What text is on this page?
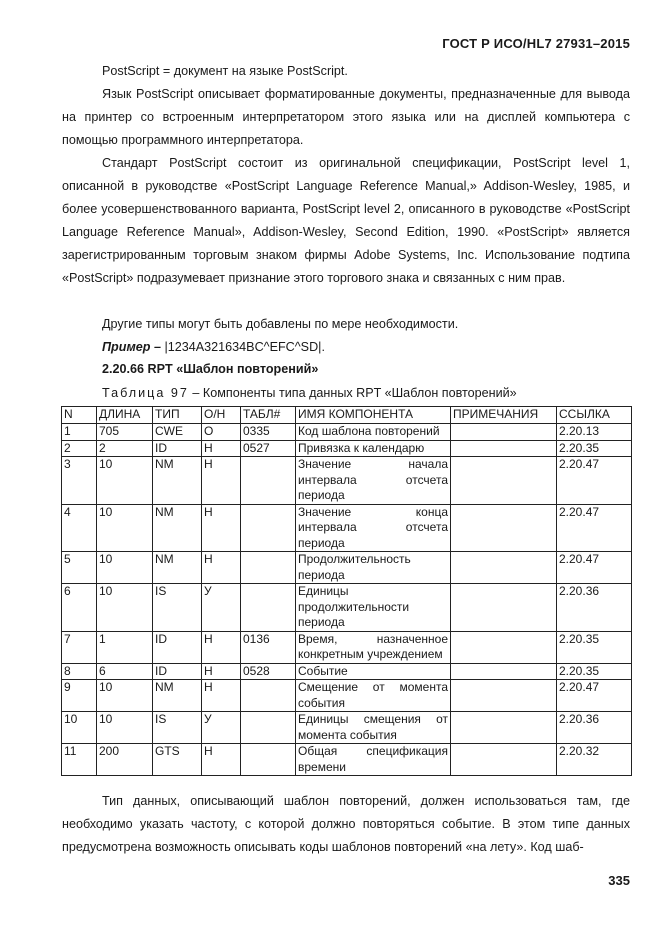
ГОСТ Р ИСО/HL7 27931–2015
PostScript = документ на языке PostScript.
Язык PostScript описывает форматированные документы, предназначенные для вывода на принтер со встроенным интерпретатором этого языка или на дисплей компьютера с помощью программного интерпретатора.
Стандарт PostScript состоит из оригинальной спецификации, PostScript level 1, описанной в руководстве «PostScript Language Reference Manual,» Addison-Wesley, 1985, и более усовершенствованного варианта, PostScript level 2, описанного в руководстве «PostScript Language Reference Manual», Addison-Wesley, Second Edition, 1990. «PostScript» является зарегистрированным торговым знаком фирмы Adobe Systems, Inc. Использование подтипа «PostScript» подразумевает признание этого торгового знака и связанных с ним прав.
Другие типы могут быть добавлены по мере необходимости.
Пример – |1234A321634BC^EFC^SD|.
2.20.66 RPT «Шаблон повторений»
Таблица 97 – Компоненты типа данных RPT «Шаблон повторений»
N	ДЛИНА	ТИП	О/Н	ТАБЛ#	ИМЯ КОМПОНЕНТА	ПРИМЕЧАНИЯ	ССЫЛКА
1	705	CWE	О	0335	Код шаблона повторений		2.20.13
2	2	ID	Н	0527	Привязка к календарю		2.20.35
3	10	NM	Н		Значение начала интервала отсчета периода		2.20.47
4	10	NM	Н		Значение конца интервала отсчета периода		2.20.47
5	10	NM	Н		Продолжительность периода		2.20.47
6	10	IS	У		Единицы продолжительности периода		2.20.36
7	1	ID	Н	0136	Время, назначенное конкретным учреждением		2.20.35
8	6	ID	Н	0528	Событие		2.20.35
9	10	NM	Н		Смещение от момента события		2.20.47
10	10	IS	У		Единицы смещения от момента события		2.20.36
11	200	GTS	Н		Общая спецификация времени		2.20.32
Тип данных, описывающий шаблон повторений, должен использоваться там, где необходимо указать частоту, с которой должно повторяться событие. В этом типе данных предусмотрена возможность описывать коды шаблонов повторений «на лету». Код шаб-
335
